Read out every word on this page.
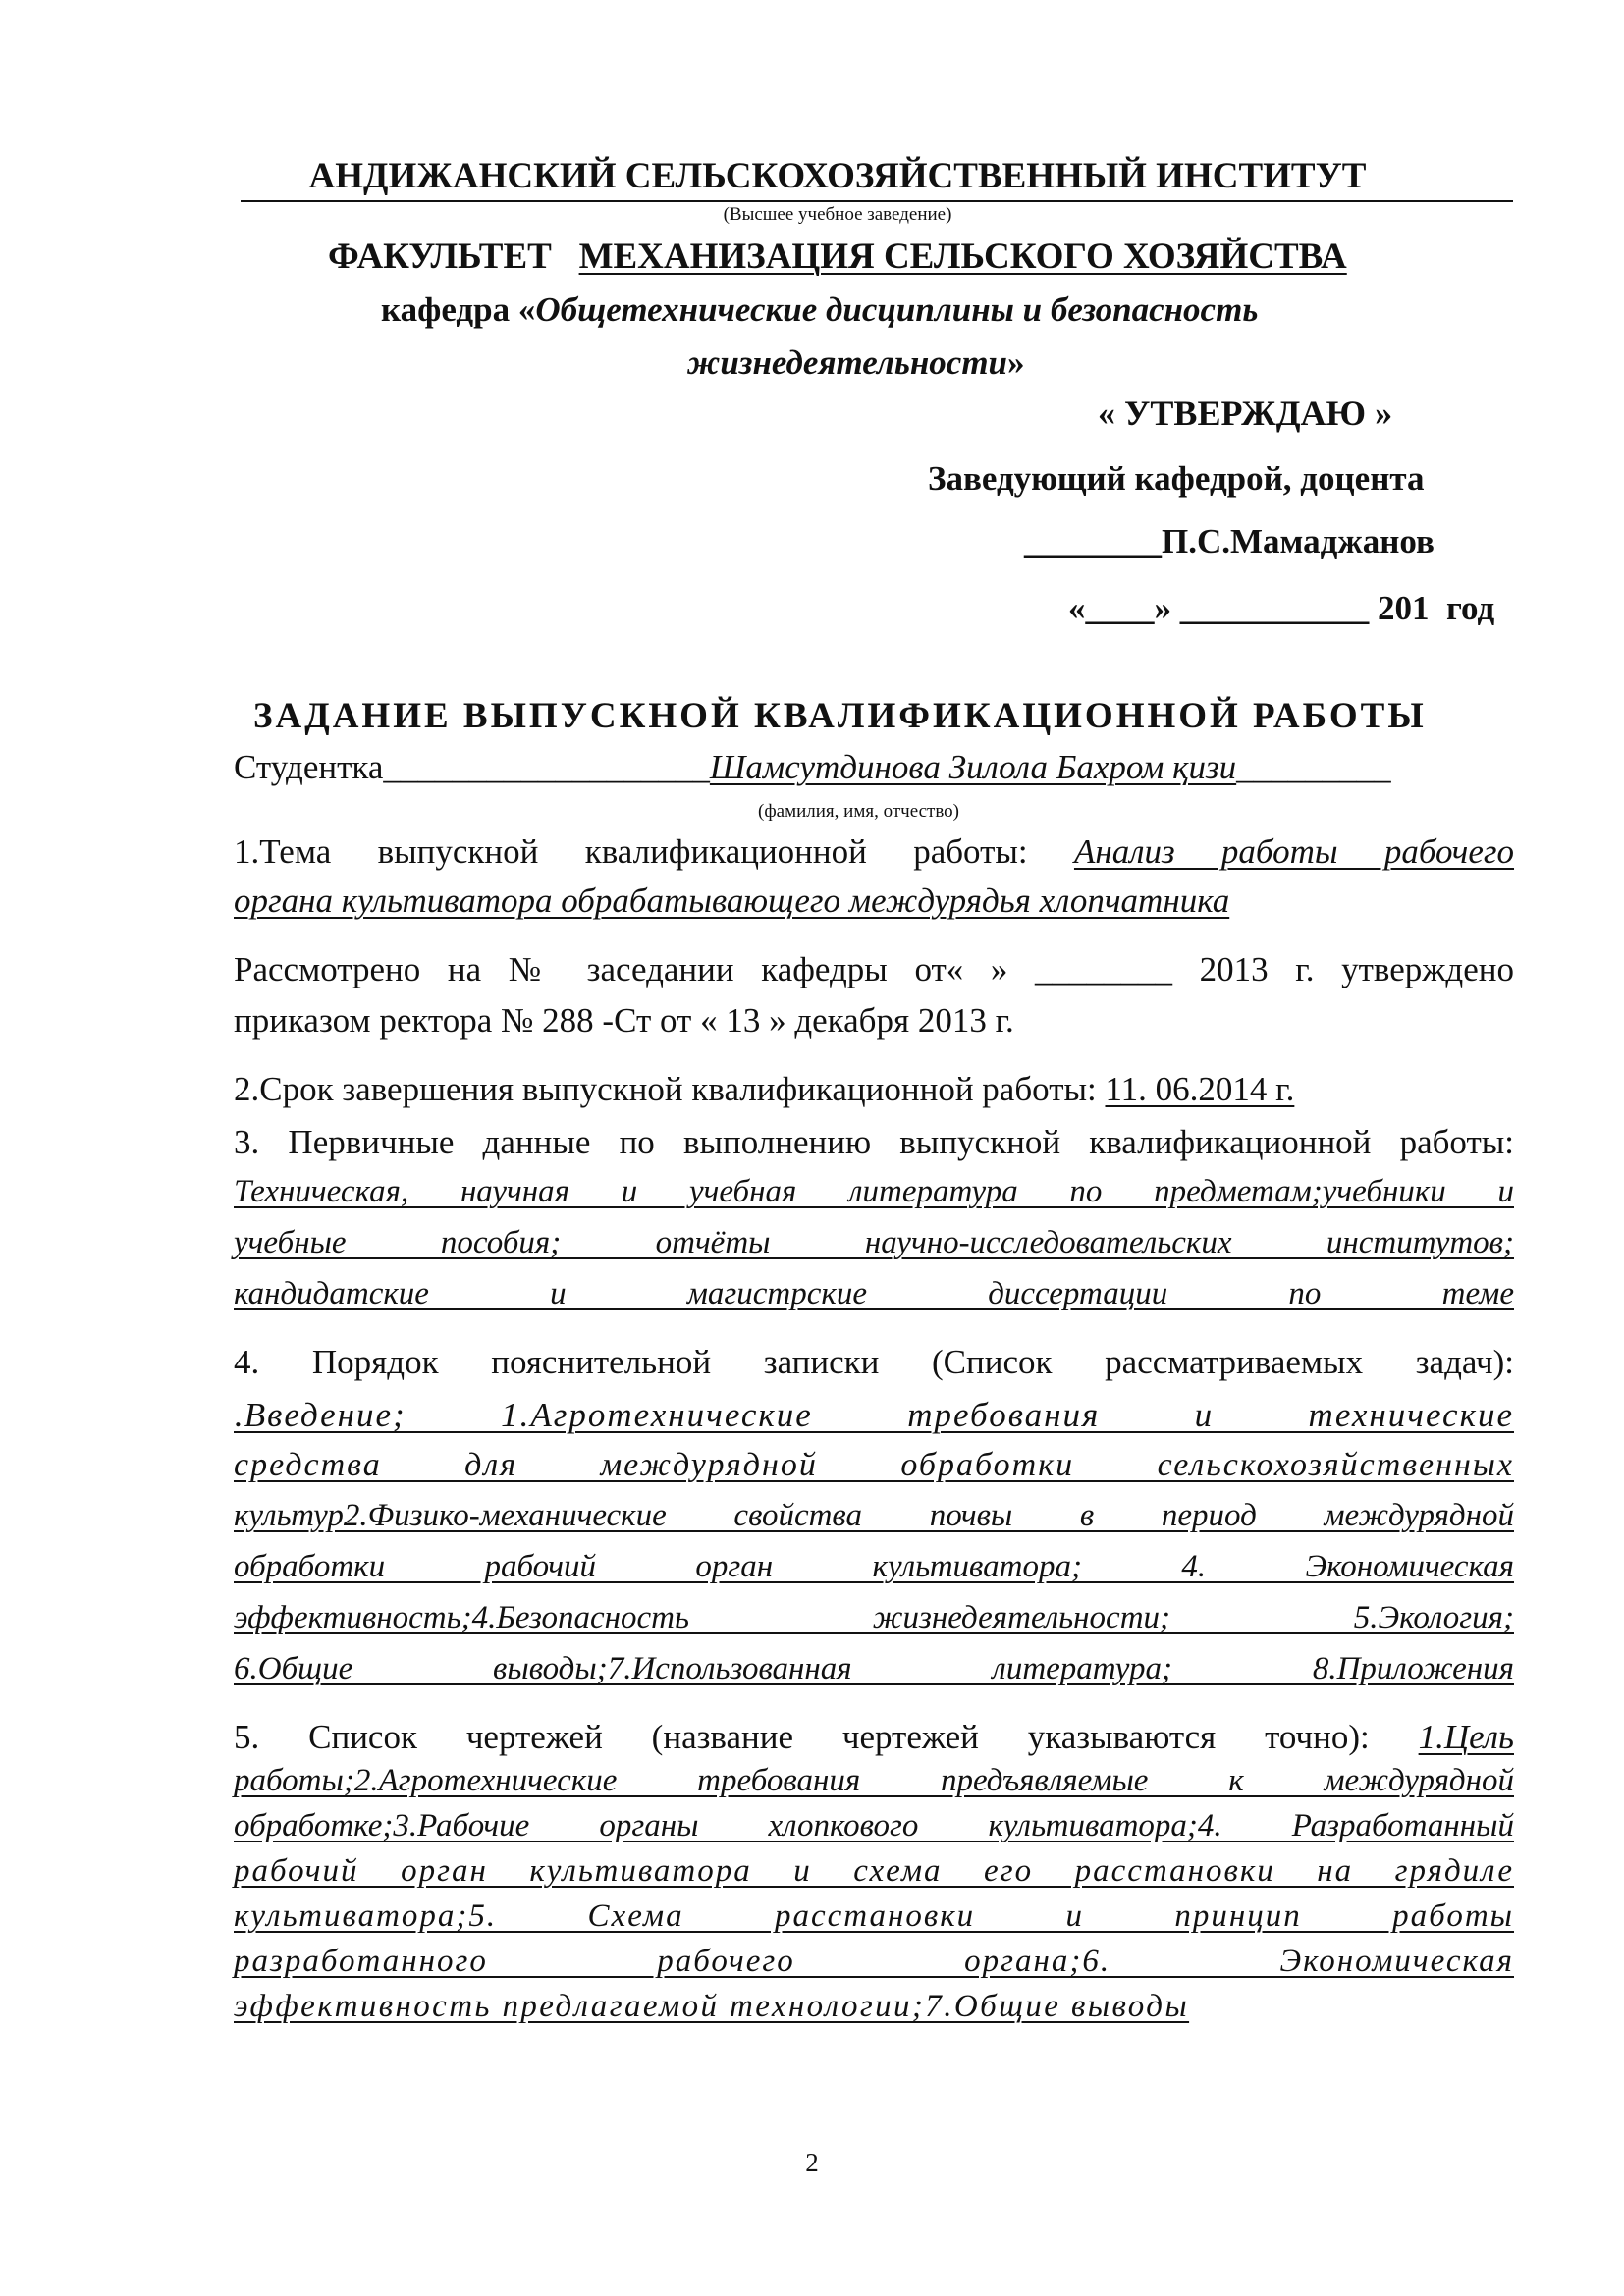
АНДИЖАНСКИЙ СЕЛЬСКОХОЗЯЙСТВЕННЫЙ ИНСТИТУТ
(Высшее учебное заведение)
ФАКУЛЬТЕТ МЕХАНИЗАЦИЯ СЕЛЬСКОГО ХОЗЯЙСТВА
кафедра «Общетехнические дисциплины и безопасность
жизнедеятельности»
« УТВЕРЖДАЮ »
Заведующий кафедрой, доцента
________П.С.Мамаджанов
«____» ___________ 201 год
ЗАДАНИЕ ВЫПУСКНОЙ КВАЛИФИКАЦИОННОЙ РАБОТЫ
Студентка___________________Шамсутдинова Зилола Бахром қизи_________
(фамилия, имя, отчество)
1.Тема выпускной квалификационной работы: Анализ работы рабочего
органа культиватора обрабатывающего междурядья хлопчатника
Рассмотрено на № заседании кафедры от« » ________ 2013 г. утверждено
приказом ректора № 288 -Ст от « 13 » декабря 2013 г.
2.Срок завершения выпускной квалификационной работы: 11. 06.2014 г.
3. Первичные данные по выполнению выпускной квалификационной работы:
Техническая, научная и учебная литература по предметам;учебники и
учебные пособия; отчёты научно-исследовательских институтов;
кандидатские и магистрские диссертации по теме
4. Порядок пояснительной записки (Список рассматриваемых задач):
.Введение; 1.Агротехнические требования и технические
средства для междурядной обработки сельскохозяйственных
культур2.Физико-механические свойства почвы в период междурядной
обработки рабочий орган культиватора; 4. Экономическая
эффективность;4.Безопасность жизнедеятельности; 5.Экология;
6.Общие выводы;7.Использованная литература; 8.Приложения
5. Список чертежей (название чертежей указываются точно): 1.Цель
работы;2.Агротехнические требования предъявляемые к междурядной
обработке;3.Рабочие органы хлопкового культиватора;4. Разработанный
рабочий орган культиватора и схема его расстановки на грядиле
культиватора;5. Схема расстановки и принцип работы
разработанного рабочего органа;6. Экономическая
эффективность предлагаемой технологии;7.Общие выводы
2
